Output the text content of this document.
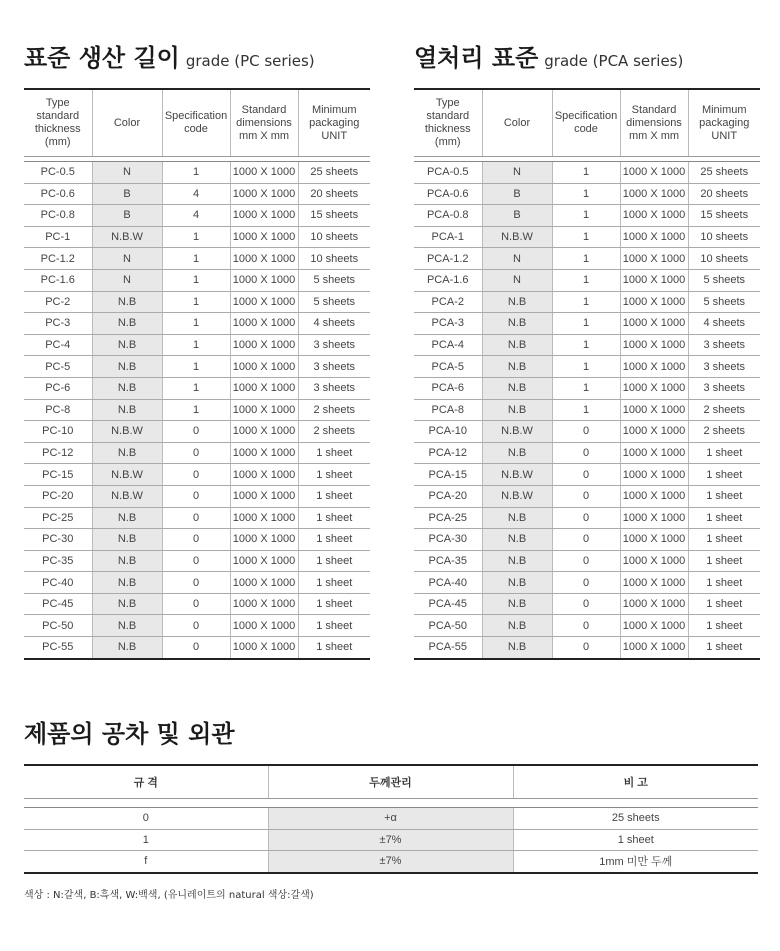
표준 생산 길이 grade (PC series)	열처리 표준 grade (PCA series)
Type standard thickness (mm)	Color	Specification code	Standard dimensions mm X mm	Minimum packaging UNIT

PC-0.5	N	1	1000 X 1000	25 sheets
PC-0.6	B	4	1000 X 1000	20 sheets
PC-0.8	B	4	1000 X 1000	15 sheets
PC-1	N.B.W	1	1000 X 1000	10 sheets
PC-1.2	N	1	1000 X 1000	10 sheets
PC-1.6	N	1	1000 X 1000	5 sheets
PC-2	N.B	1	1000 X 1000	5 sheets
PC-3	N.B	1	1000 X 1000	4 sheets
PC-4	N.B	1	1000 X 1000	3 sheets
PC-5	N.B	1	1000 X 1000	3 sheets
PC-6	N.B	1	1000 X 1000	3 sheets
PC-8	N.B	1	1000 X 1000	2 sheets
PC-10	N.B.W	0	1000 X 1000	2 sheets
PC-12	N.B	0	1000 X 1000	1 sheet
PC-15	N.B.W	0	1000 X 1000	1 sheet
PC-20	N.B.W	0	1000 X 1000	1 sheet
PC-25	N.B	0	1000 X 1000	1 sheet
PC-30	N.B	0	1000 X 1000	1 sheet
PC-35	N.B	0	1000 X 1000	1 sheet
PC-40	N.B	0	1000 X 1000	1 sheet
PC-45	N.B	0	1000 X 1000	1 sheet
PC-50	N.B	0	1000 X 1000	1 sheet
PC-55	N.B	0	1000 X 1000	1 sheet
Type standard thickness (mm)	Color	Specification code	Standard dimensions mm X mm	Minimum packaging UNIT

PCA-0.5	N	1	1000 X 1000	25 sheets
PCA-0.6	B	1	1000 X 1000	20 sheets
PCA-0.8	B	1	1000 X 1000	15 sheets
PCA-1	N.B.W	1	1000 X 1000	10 sheets
PCA-1.2	N	1	1000 X 1000	10 sheets
PCA-1.6	N	1	1000 X 1000	5 sheets
PCA-2	N.B	1	1000 X 1000	5 sheets
PCA-3	N.B	1	1000 X 1000	4 sheets
PCA-4	N.B	1	1000 X 1000	3 sheets
PCA-5	N.B	1	1000 X 1000	3 sheets
PCA-6	N.B	1	1000 X 1000	3 sheets
PCA-8	N.B	1	1000 X 1000	2 sheets
PCA-10	N.B.W	0	1000 X 1000	2 sheets
PCA-12	N.B	0	1000 X 1000	1 sheet
PCA-15	N.B.W	0	1000 X 1000	1 sheet
PCA-20	N.B.W	0	1000 X 1000	1 sheet
PCA-25	N.B	0	1000 X 1000	1 sheet
PCA-30	N.B	0	1000 X 1000	1 sheet
PCA-35	N.B	0	1000 X 1000	1 sheet
PCA-40	N.B	0	1000 X 1000	1 sheet
PCA-45	N.B	0	1000 X 1000	1 sheet
PCA-50	N.B	0	1000 X 1000	1 sheet
PCA-55	N.B	0	1000 X 1000	1 sheet
제품의 공차 및 외관
규 격	두께관리	비 고

0	+α	25 sheets
1	±7%	1 sheet
f	±7%	1mm 미만 두께

색상 : N:갈색, B:흑색, W:백색, (유니레이트의 natural 색상:갈색)
